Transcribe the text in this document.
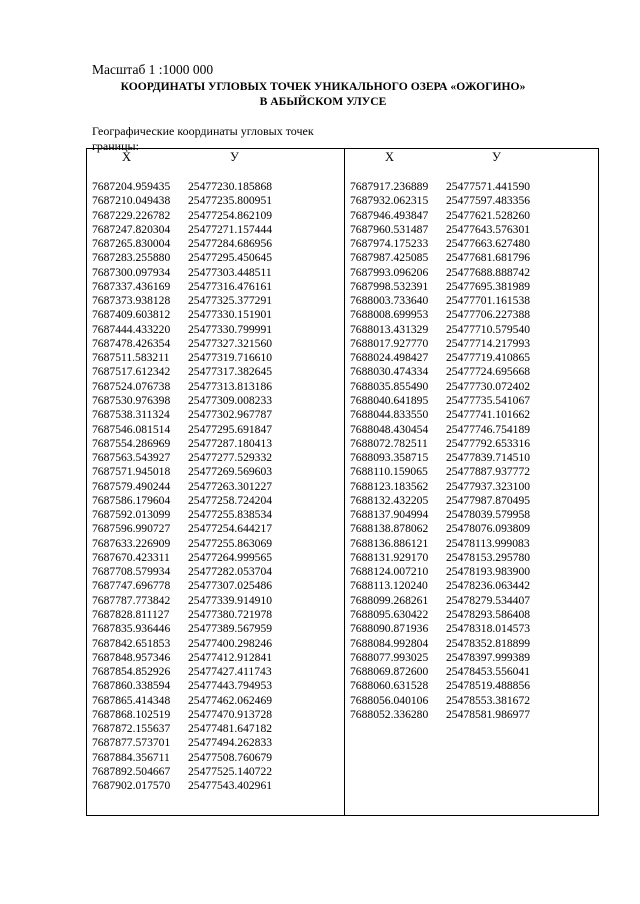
Масштаб 1 :1000 000
КООРДИНАТЫ УГЛОВЫХ ТОЧЕК УНИКАЛЬНОГО ОЗЕРА «ОЖОГИНО»
В АБЫЙСКОМ УЛУСЕ
Географические координаты угловых точек
границы:
X	У
7687204.959435 25477230.185868
7687210.049438 25477235.800951
7687229.226782 25477254.862109
7687247.820304 25477271.157444
7687265.830004 25477284.686956
7687283.255880 25477295.450645
7687300.097934 25477303.448511
7687337.436169 25477316.476161
7687373.938128 25477325.377291
7687409.603812 25477330.151901
7687444.433220 25477330.799991
7687478.426354 25477327.321560
7687511.583211 25477319.716610
7687517.612342 25477317.382645
7687524.076738 25477313.813186
7687530.976398 25477309.008233
7687538.311324 25477302.967787
7687546.081514 25477295.691847
7687554.286969 25477287.180413
7687563.543927 25477277.529332
7687571.945018 25477269.569603
7687579.490244 25477263.301227
7687586.179604 25477258.724204
7687592.013099 25477255.838534
7687596.990727 25477254.644217
7687633.226909 25477255.863069
7687670.423311 25477264.999565
7687708.579934 25477282.053704
7687747.696778 25477307.025486
7687787.773842 25477339.914910
7687828.811127 25477380.721978
7687835.936446 25477389.567959
7687842.651853 25477400.298246
7687848.957346 25477412.912841
7687854.852926 25477427.411743
7687860.338594 25477443.794953
7687865.414348 25477462.062469
7687868.102519 25477470.913728
7687872.155637 25477481.647182
7687877.573701 25477494.262833
7687884.356711 25477508.760679
7687892.504667 25477525.140722
7687902.017570 25477543.402961
X	У
7687917.236889 25477571.441590
7687932.062315 25477597.483356
7687946.493847 25477621.528260
7687960.531487 25477643.576301
7687974.175233 25477663.627480
7687987.425085 25477681.681796
7687993.096206 25477688.888742
7687998.532391 25477695.381989
7688003.733640 25477701.161538
7688008.699953 25477706.227388
7688013.431329 25477710.579540
7688017.927770 25477714.217993
7688024.498427 25477719.410865
7688030.474334 25477724.695668
7688035.855490 25477730.072402
7688040.641895 25477735.541067
7688044.833550 25477741.101662
7688048.430454 25477746.754189
7688072.782511 25477792.653316
7688093.358715 25477839.714510
7688110.159065 25477887.937772
7688123.183562 25477937.323100
7688132.432205 25477987.870495
7688137.904994 25478039.579958
7688138.878062 25478076.093809
7688136.886121 25478113.999083
7688131.929170 25478153.295780
7688124.007210 25478193.983900
7688113.120240 25478236.063442
7688099.268261 25478279.534407
7688095.630422 25478293.586408
7688090.871936 25478318.014573
7688084.992804 25478352.818899
7688077.993025 25478397.999389
7688069.872600 25478453.556041
7688060.631528 25478519.488856
7688056.040106 25478553.381672
7688052.336280 25478581.986977
